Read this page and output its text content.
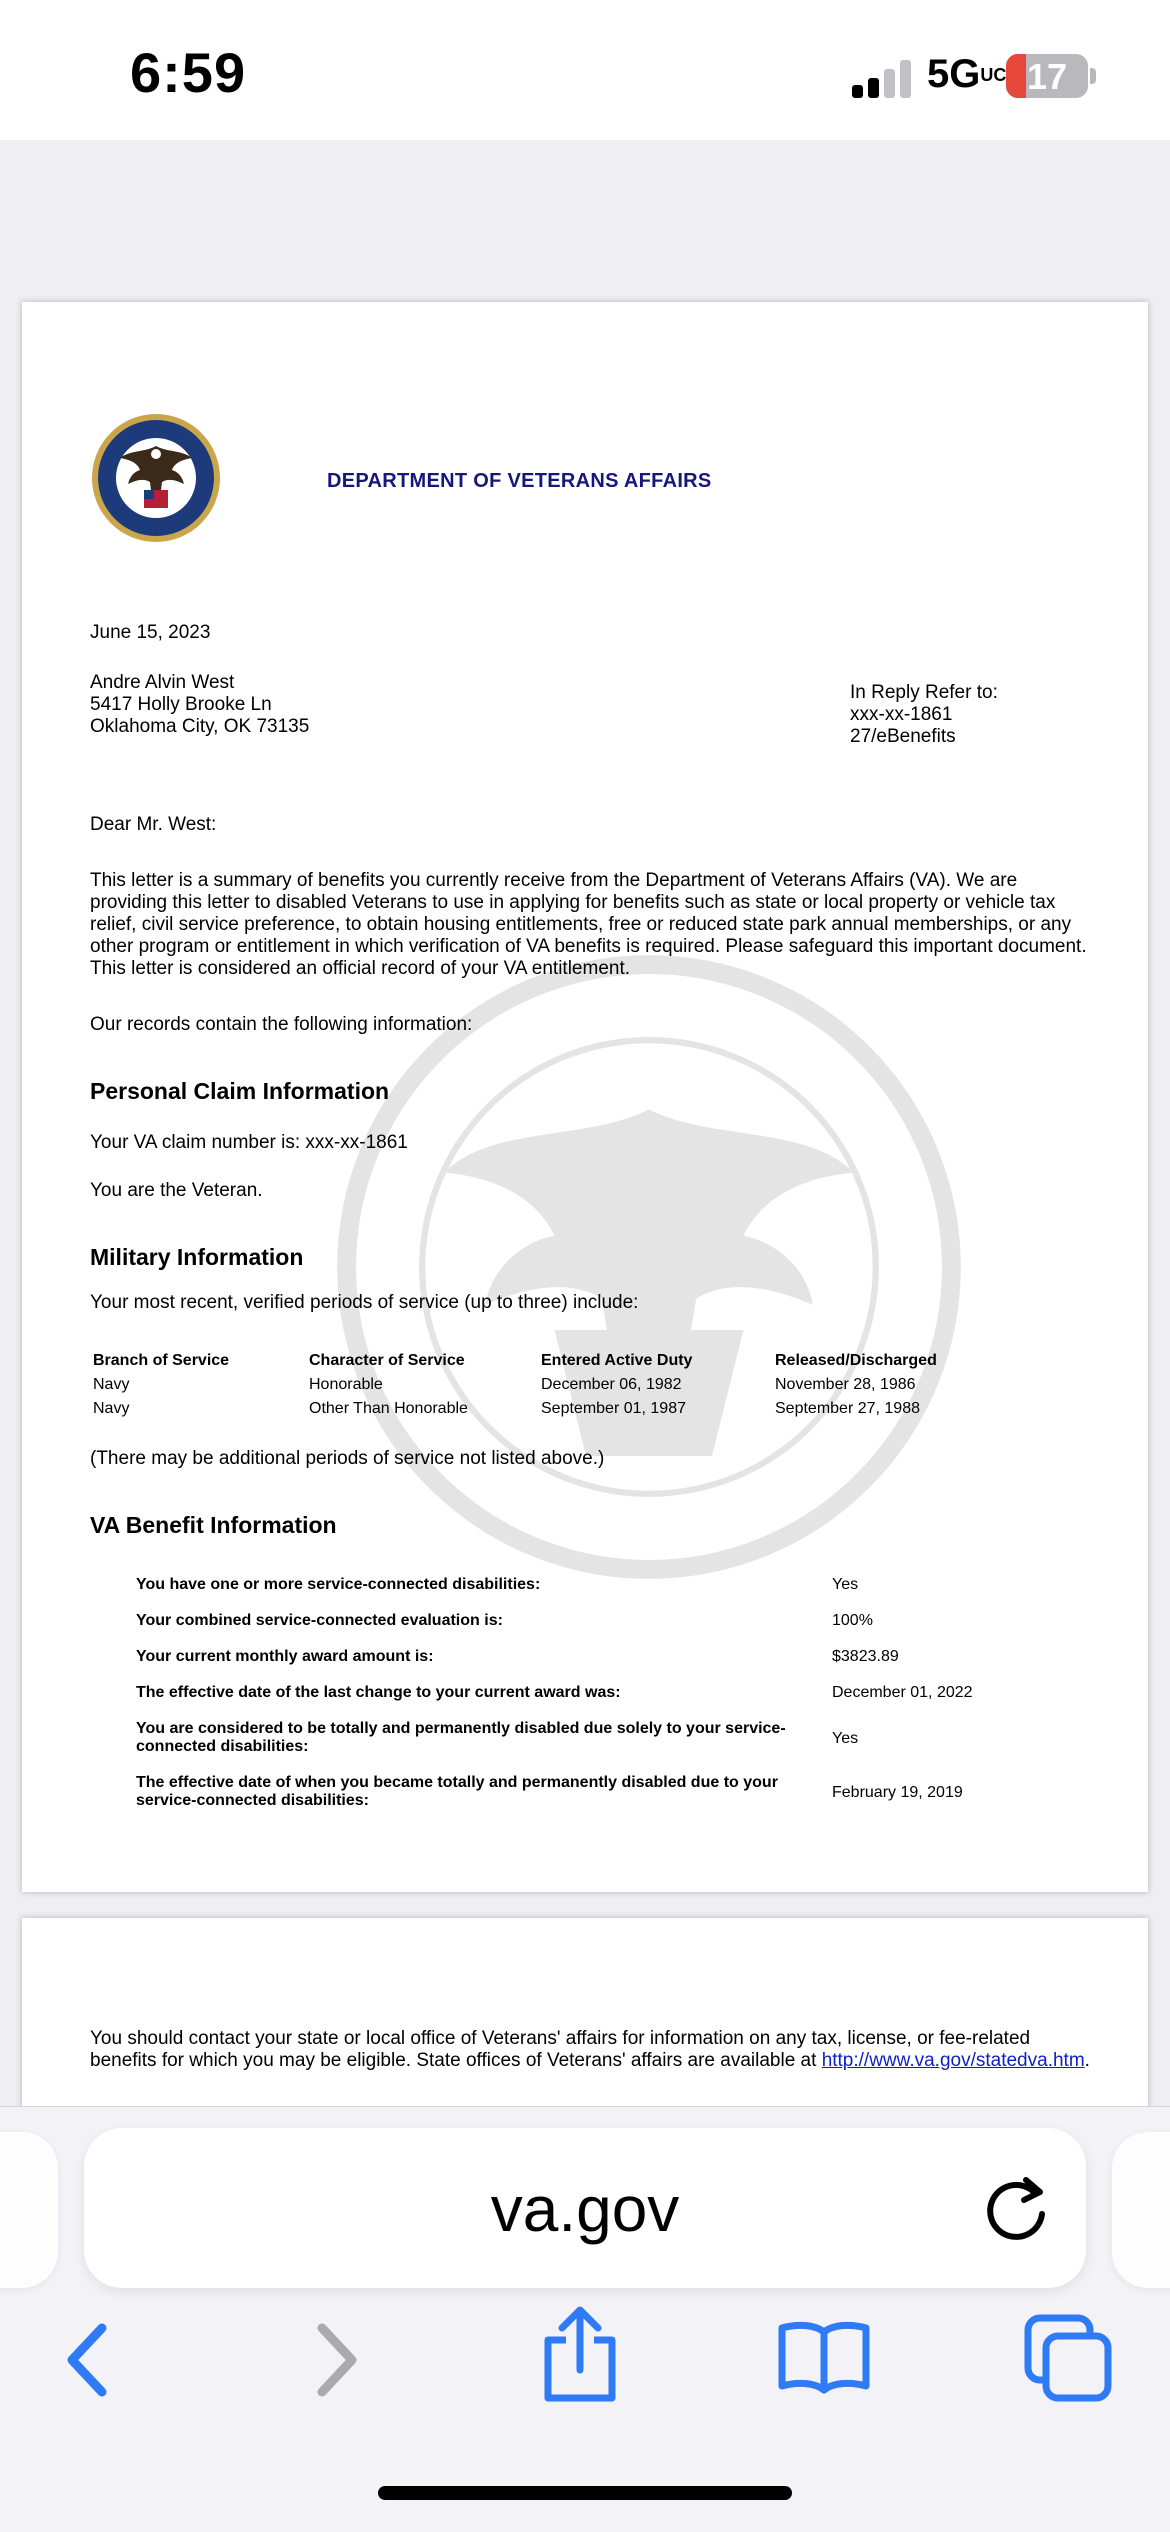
6:59	5GUC 17
DEPARTMENT OF VETERANS AFFAIRS
June 15, 2023
Andre Alvin West
5417 Holly Brooke Ln
Oklahoma City, OK 73135
In Reply Refer to:
xxx-xx-1861
27/eBenefits
Dear Mr. West:
This letter is a summary of benefits you currently receive from the Department of Veterans Affairs (VA). We are providing this letter to disabled Veterans to use in applying for benefits such as state or local property or vehicle tax relief, civil service preference, to obtain housing entitlements, free or reduced state park annual memberships, or any other program or entitlement in which verification of VA benefits is required. Please safeguard this important document. This letter is considered an official record of your VA entitlement.
Our records contain the following information:
Personal Claim Information
Your VA claim number is: xxx-xx-1861
You are the Veteran.
Military Information
Your most recent, verified periods of service (up to three) include:
Branch of Service	Character of Service	Entered Active Duty	Released/Discharged
Navy	Honorable	December 06, 1982	November 28, 1986
Navy	Other Than Honorable	September 01, 1987	September 27, 1988
(There may be additional periods of service not listed above.)
VA Benefit Information
You have one or more service-connected disabilities:	Yes
Your combined service-connected evaluation is:	100%
Your current monthly award amount is:	$3823.89
The effective date of the last change to your current award was:	December 01, 2022
You are considered to be totally and permanently disabled due solely to your service-connected disabilities:	Yes
The effective date of when you became totally and permanently disabled due to your service-connected disabilities:	February 19, 2019
You should contact your state or local office of Veterans' affairs for information on any tax, license, or fee-related benefits for which you may be eligible. State offices of Veterans' affairs are available at http://www.va.gov/statedva.htm.
va.gov
